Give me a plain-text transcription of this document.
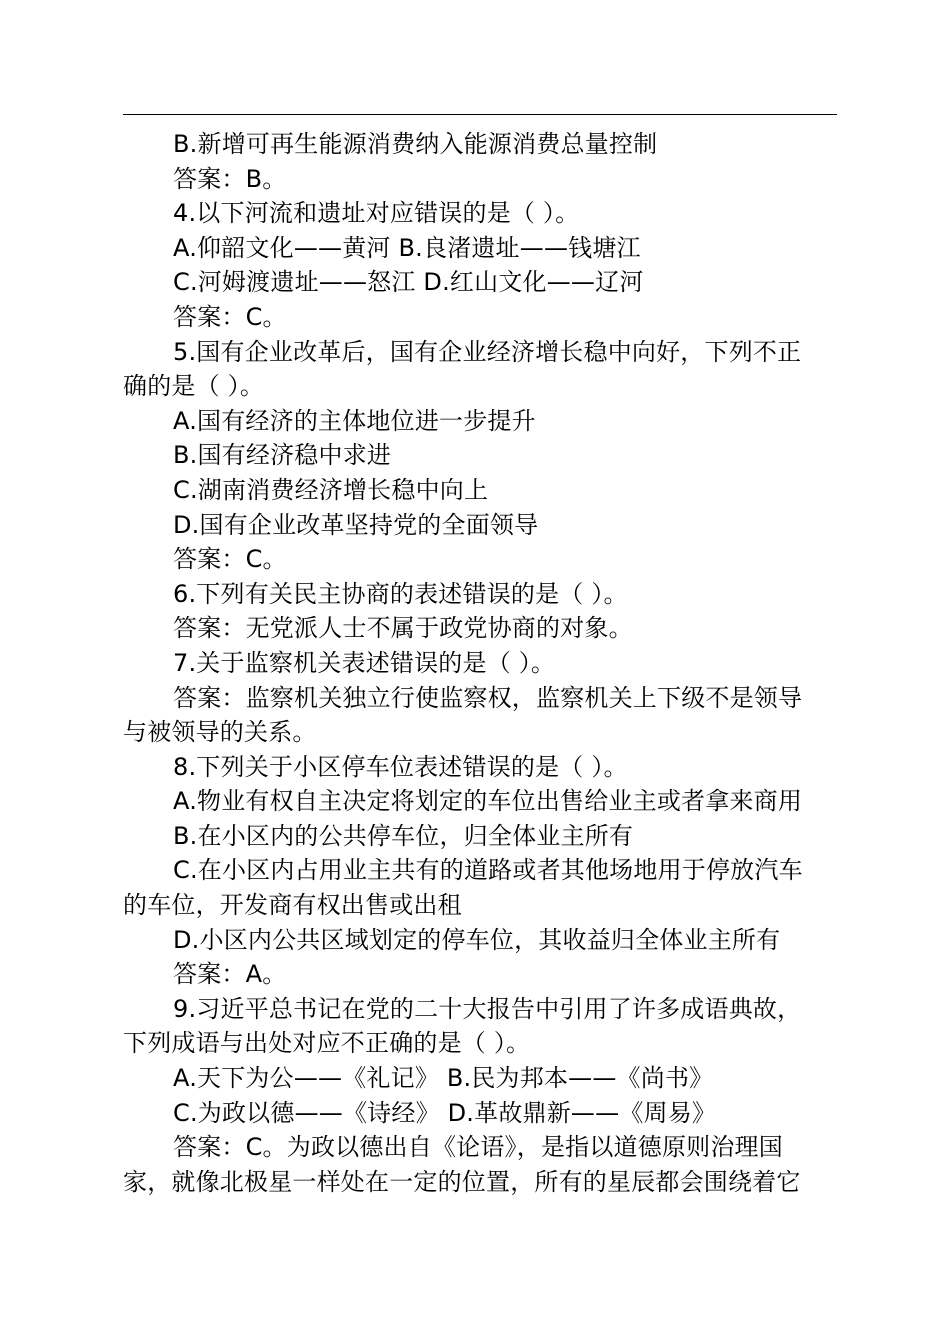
B.新增可再生能源消费纳入能源消费总量控制
答案：B。
4.以下河流和遗址对应错误的是（ ）。
A.仰韶文化——黄河 B.良渚遗址——钱塘江
C.河姆渡遗址——怒江 D.红山文化——辽河
答案：C。
5.国有企业改革后，国有企业经济增长稳中向好，下列不正
确的是（ ）。
A.国有经济的主体地位进一步提升
B.国有经济稳中求进
C.湖南消费经济增长稳中向上
D.国有企业改革坚持党的全面领导
答案：C。
6.下列有关民主协商的表述错误的是（ ）。
答案：无党派人士不属于政党协商的对象。
7.关于监察机关表述错误的是（ ）。
答案：监察机关独立行使监察权，监察机关上下级不是领导
与被领导的关系。
8.下列关于小区停车位表述错误的是（ ）。
A.物业有权自主决定将划定的车位出售给业主或者拿来商用
B.在小区内的公共停车位，归全体业主所有
C.在小区内占用业主共有的道路或者其他场地用于停放汽车
的车位，开发商有权出售或出租
D.小区内公共区域划定的停车位，其收益归全体业主所有
答案：A。
9.习近平总书记在党的二十大报告中引用了许多成语典故，
下列成语与出处对应不正确的是（ ）。
A.天下为公——《礼记》 B.民为邦本——《尚书》
C.为政以德——《诗经》 D.革故鼎新——《周易》
答案：C。为政以德出自《论语》，是指以道德原则治理国
家，就像北极星一样处在一定的位置，所有的星辰都会围绕着它
